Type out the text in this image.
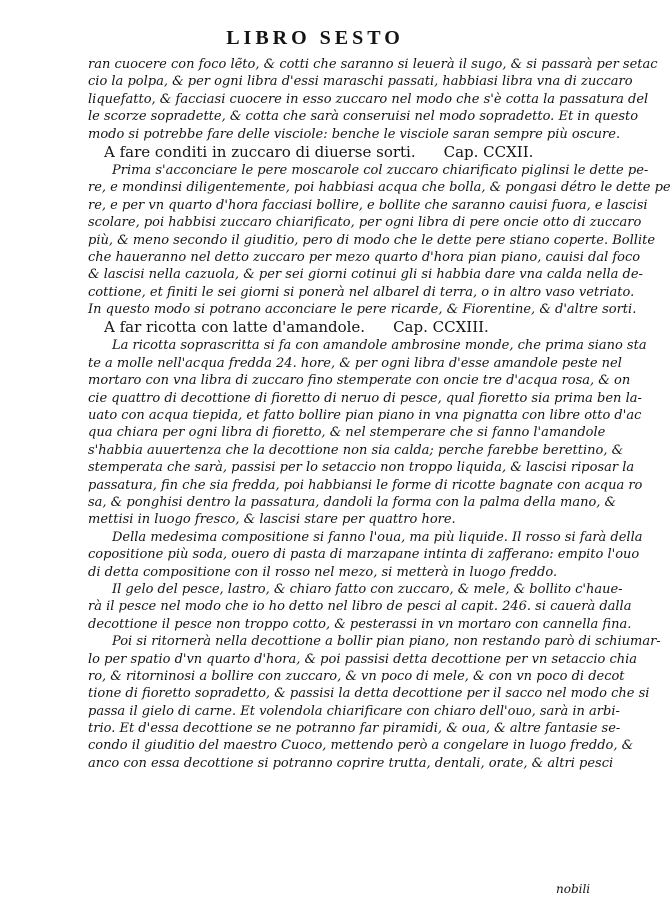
LIBRO SESTO
ran cuocere con foco lẽto, & cotti che saranno si leuerà il sugo, & si passarà per setac
cio la polpa, & per ogni libra d'essi maraschi passati, habbiasi libra vna di zuccaro
liquefatto, & facciasi cuocere in esso zuccaro nel modo che s'è cotta la passatura del
le scorze sopradette, & cotta che sarà conseruisi nel modo sopradetto. Et in questo
modo si potrebbe fare delle visciole: benche le visciole saran sempre più oscure.
A fare conditi in zuccaro di diuerse sorti. Cap. CCXII.
Prima s'acconciare le pere moscarole col zuccaro chiarificato piglinsi le dette pe-
re, e mondinsi diligentemente, poi habbiasi acqua che bolla, & pongasi détro le dette pe
re, e per vn quarto d'hora facciasi bollire, e bollite che saranno cauisi fuora, e lascisi
scolare, poi habbisi zuccaro chiarificato, per ogni libra di pere oncie otto di zuccaro
più, & meno secondo il giuditio, pero di modo che le dette pere stiano coperte. Bollite
che haueranno nel detto zuccaro per mezo quarto d'hora pian piano, cauisi dal foco
& lascisi nella cazuola, & per sei giorni cotinui gli si habbia dare vna calda nella de-
cottione, et finiti le sei giorni si ponerà nel albarel di terra, o in altro vaso vetriato.
In questo modo si potrano acconciare le pere ricarde, & Fiorentine, & d'altre sorti.
A far ricotta con latte d'amandole. Cap. CCXIII.
La ricotta soprascritta si fa con amandole ambrosine monde, che prima siano sta
te a molle nell'acqua fredda 24. hore, & per ogni libra d'esse amandole peste nel
mortaro con vna libra di zuccaro fino stemperate con oncie tre d'acqua rosa, & on
cie quattro di decottione di fioretto di neruo di pesce, qual fioretto sia prima ben la-
uato con acqua tiepida, et fatto bollire pian piano in vna pignatta con libre otto d'ac
qua chiara per ogni libra di fioretto, & nel stemperare che si fanno l'amandole
s'habbia auuertenza che la decottione non sia calda; perche farebbe berettino, &
stemperata che sarà, passisi per lo setaccio non troppo liquida, & lascisi riposar la
passatura, fin che sia fredda, poi habbiansi le forme di ricotte bagnate con acqua ro
sa, & ponghisi dentro la passatura, dandoli la forma con la palma della mano, &
mettisi in luogo fresco, & lascisi stare per quattro hore.
Della medesima compositione si fanno l'oua, ma più liquide. Il rosso si farà della
copositione più soda, ouero di pasta di marzapane intinta di zafferano: empito l'ouo
di detta compositione con il rosso nel mezo, si metterà in luogo freddo.
Il gelo del pesce, lastro, & chiaro fatto con zuccaro, & mele, & bollito c'haue-
rà il pesce nel modo che io ho detto nel libro de pesci al capit. 246. si cauerà dalla
decottione il pesce non troppo cotto, & pesterassi in vn mortaro con cannella fina.
Poi si ritornerà nella decottione a bollir pian piano, non restando parò di schiumar-
lo per spatio d'vn quarto d'hora, & poi passisi detta decottione per vn setaccio chia
ro, & ritorninosi a bollire con zuccaro, & vn poco di mele, & con vn poco di decot
tione di fioretto sopradetto, & passisi la detta decottione per il sacco nel modo che si
passa il gielo di carne. Et volendola chiarificare con chiaro dell'ouo, sarà in arbi-
trio. Et d'essa decottione se ne potranno far piramidi, & oua, & altre fantasie se-
condo il giuditio del maestro Cuoco, mettendo però a congelare in luogo freddo, &
anco con essa decottione si potranno coprire trutta, dentali, orate, & altri pesci
nobili
